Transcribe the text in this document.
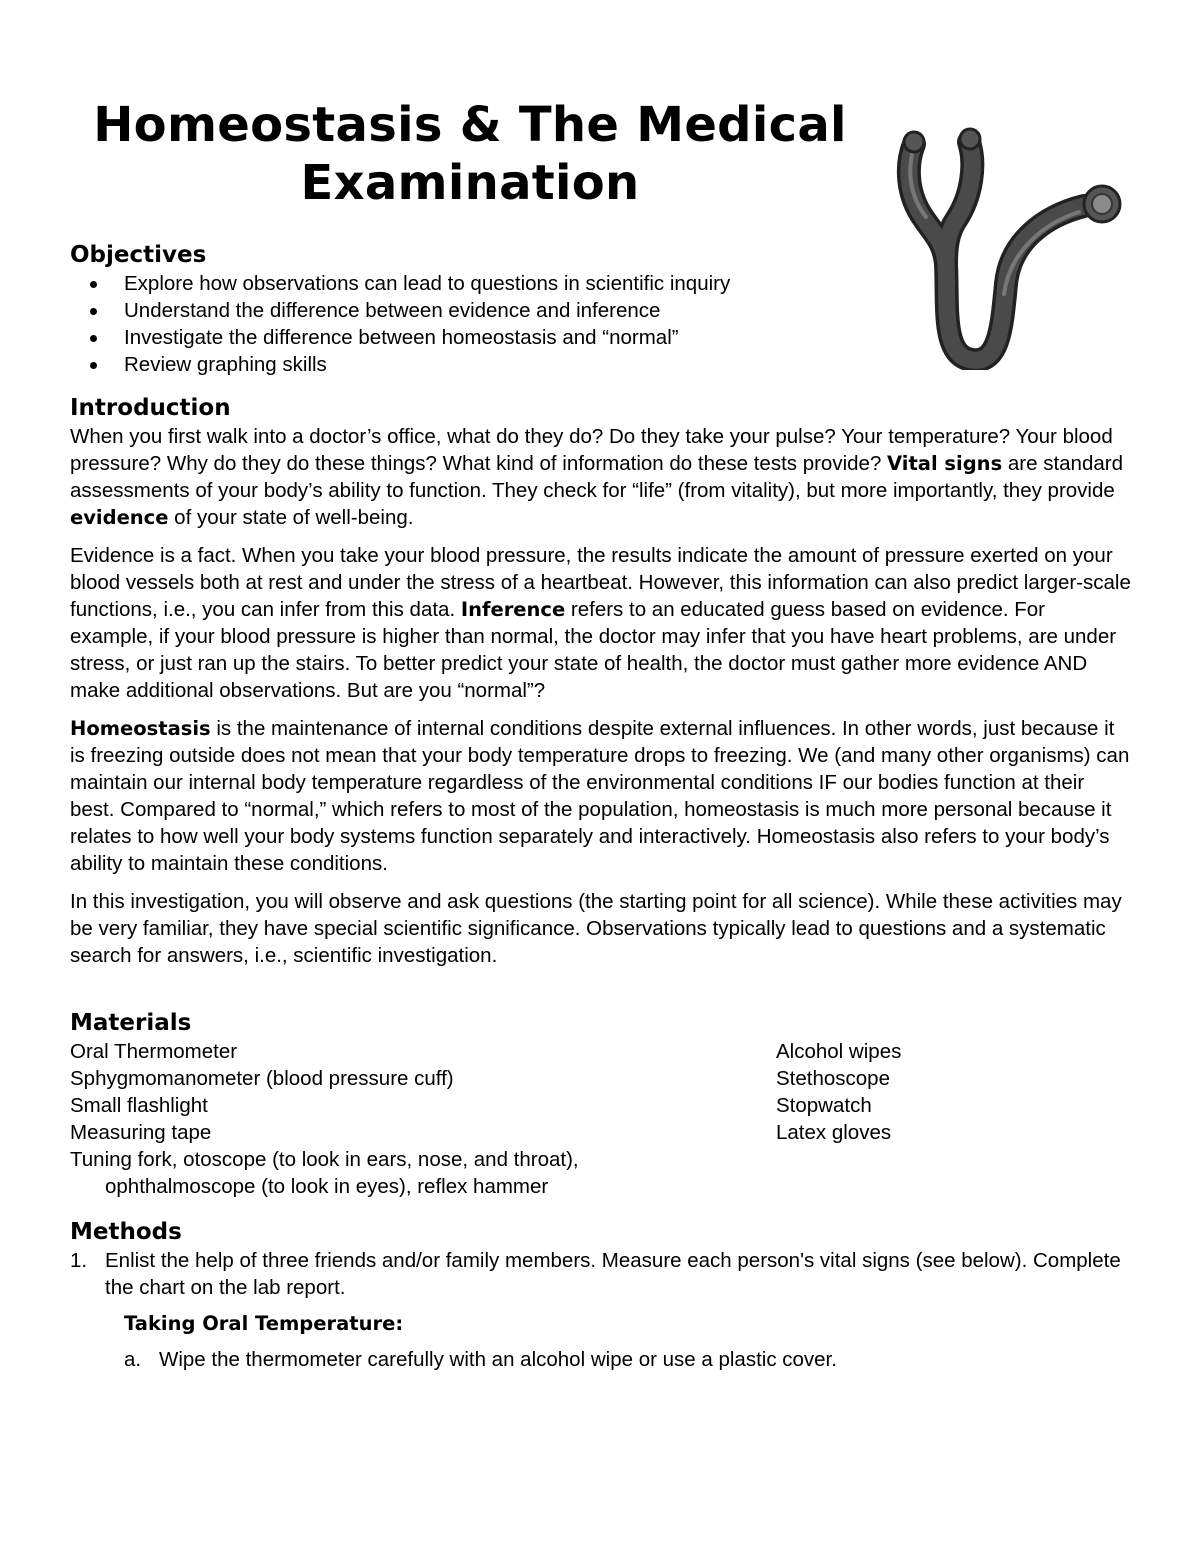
Homeostasis & The Medical
Examination
Objectives
Explore how observations can lead to questions in scientific inquiry
Understand the difference between evidence and inference
Investigate the difference between homeostasis and “normal”
Review graphing skills
Introduction

When you first walk into a doctor’s office, what do they do? Do they take your pulse? Your temperature? Your blood pressure? Why do they do these things? What kind of information do these tests provide? Vital signs are standard assessments of your body’s ability to function. They check for “life” (from vitality), but more importantly, they provide evidence of your state of well-being.

Evidence is a fact. When you take your blood pressure, the results indicate the amount of pressure exerted on your blood vessels both at rest and under the stress of a heartbeat. However, this information can also predict larger-scale functions, i.e., you can infer from this data. Inference refers to an educated guess based on evidence. For example, if your blood pressure is higher than normal, the doctor may infer that you have heart problems, are under stress, or just ran up the stairs. To better predict your state of health, the doctor must gather more evidence AND make additional observations. But are you “normal”?

Homeostasis is the maintenance of internal conditions despite external influences. In other words, just because it is freezing outside does not mean that your body temperature drops to freezing. We (and many other organisms) can maintain our internal body temperature regardless of the environmental conditions IF our bodies function at their best. Compared to “normal,” which refers to most of the population, homeostasis is much more personal because it relates to how well your body systems function separately and interactively. Homeostasis also refers to your body’s ability to maintain these conditions.

In this investigation, you will observe and ask questions (the starting point for all science). While these activities may be very familiar, they have special scientific significance. Observations typically lead to questions and a systematic search for answers, i.e., scientific investigation.

Materials
Oral Thermometer
Sphygmomanometer (blood pressure cuff)
Small flashlight
Measuring tape
Tuning fork, otoscope (to look in ears, nose, and throat),
ophthalmoscope (to look in eyes), reflex hammer
Alcohol wipes
Stethoscope
Stopwatch
Latex gloves
Methods
1. Enlist the help of three friends and/or family members. Measure each person's vital signs (see below). Complete the chart on the lab report.
Taking Oral Temperature:
a. Wipe the thermometer carefully with an alcohol wipe or use a plastic cover.
